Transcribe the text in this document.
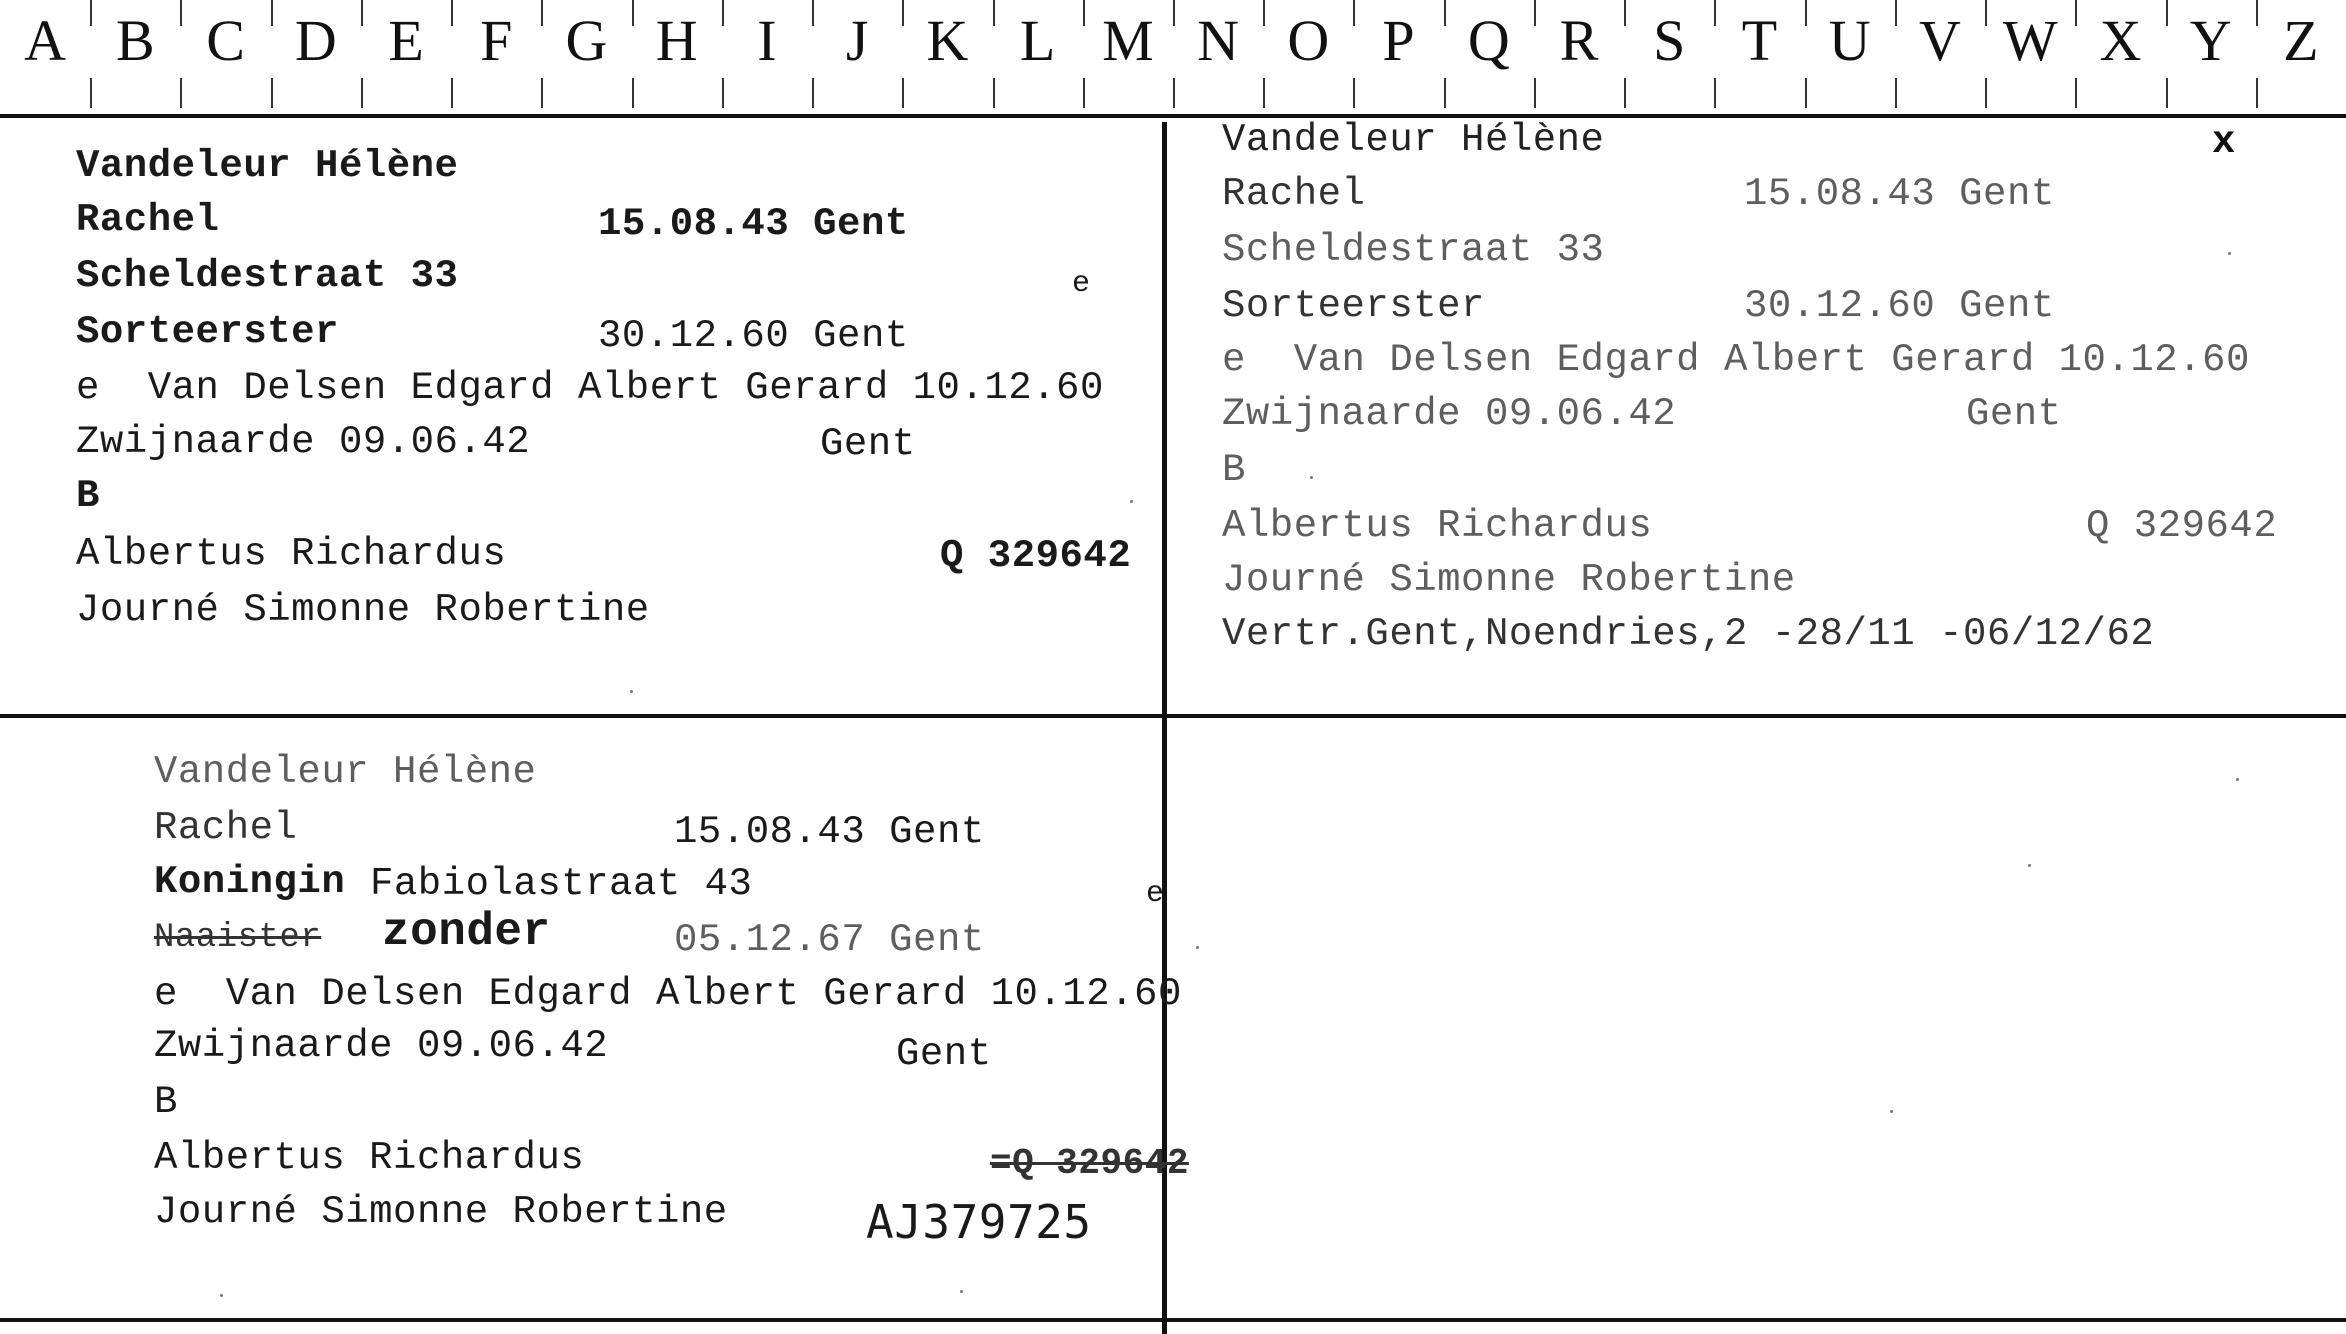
A B C D E F G H	I	J	K L M N O P Q R S T U V W X Y Z
Vandeleur Hélène
Rachel	15.08.43 Gent
Scheldestraat 33	e
Sorteerster	30.12.60 Gent
e  Van Delsen Edgard Albert Gerard 10.12.60
Zwijnaarde 09.06.42	Gent
B
Albertus Richardus	Q 329642
Journé Simonne Robertine
Vandeleur Hélène	x
Rachel	15.08.43 Gent
Scheldestraat 33
Sorteerster	30.12.60 Gent
e  Van Delsen Edgard Albert Gerard 10.12.60
Zwijnaarde 09.06.42	Gent
B
Albertus Richardus	Q 329642
Journé Simonne Robertine
Vertr.Gent,Noendries,2 -28/11 -06/12/62
Vandeleur Hélène
Rachel	15.08.43 Gent
Koningin Fabiolastraat 43	e
Naaister zonder	05.12.67 Gent
e  Van Delsen Edgard Albert Gerard 10.12.60
Zwijnaarde 09.06.42	Gent
B
Albertus Richardus	=Q 329642
Journé Simonne Robertine	AJ379725
